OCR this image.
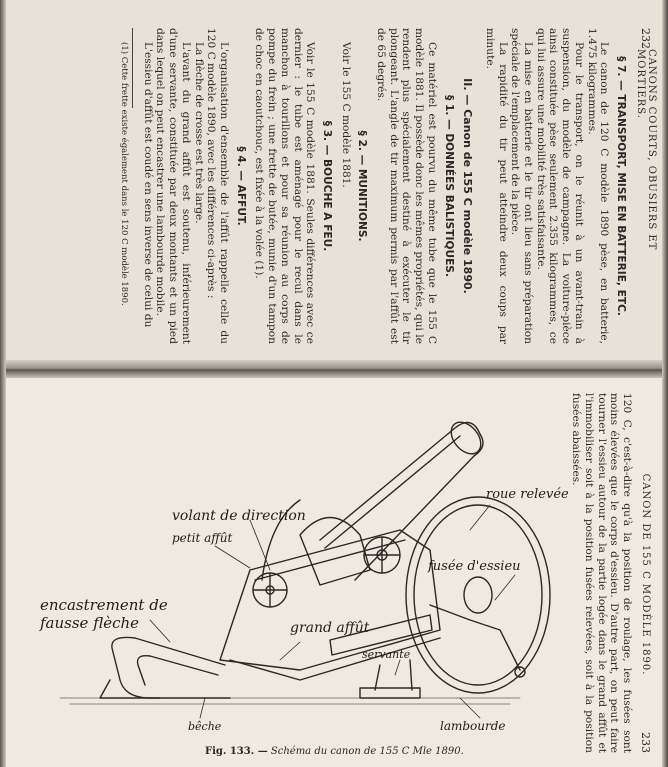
232
CANONS COURTS, OBUSIERS ET MORTIERS.
§ 7. — TRANSPORT, MISE EN BATTERIE, ETC.

Le canon de 120 C modèle 1890 pèse, en batterie, 1.475 kilogrammes.

Pour le transport, on le réunit à un avant-train à suspension, du modèle de campagne. La voiture-pièce ainsi constituée pèse seulement 2.355 kilogrammes, ce qui lui assure une mobilité très satisfaisante.

La mise en batterie et le tir ont lieu sans préparation spéciale de l'emplacement de la pièce.

La rapidité du tir peut atteindre deux coups par minute.

II. — Canon de 155 C modèle 1890.
§ 1. — DONNÉES BALISTIQUES.

Ce matériel est pourvu du même tube que le 155 C modèle 1881. Il possède donc les mêmes propriétés, qui le rendent plus spécialement destiné à exécuter le tir plongeant. L'angle de tir maximum permis par l'affût est de 65 degrés.

§ 2. — MUNITIONS.

Voir le 155 C modèle 1881.

§ 3. — BOUCHE A FEU.

Voir le 155 C modèle 1881. Seules différences avec ce dernier : le tube est aménagé pour le recul dans le manchon à tourillons et pour sa réunion au corps de pompe du frein ; une frette de butée, munie d'un tampon de choc en caoutchouc, est fixée à la volée (1).

§ 4. — AFFUT.

L'organisation d'ensemble de l'affût rappelle celle du 120 C modèle 1890, avec les différences ci-après :

La flèche de crosse est très large.

L'avant du grand affût est soutenu, inférieurement d'une servante, constituée par deux montants et un pied dans lequel on peut encastrer une lambourde mobile.

L'essieu d'affût est coudé en sens inverse de celui du

(1) Cette frette existe également dans le 120 C modèle 1890.

CANON DE 155 C MODÈLE 1890.
233

120 C, c'est-à-dire qu'à la position de roulage, les fusées sont moins élevées que le corps d'essieu. D'autre part, on peut faire tourner l'essieu autour de la partie logée dans le grand affût et l'immobiliser soit à la position fusées relevées, soit à la position fusées abaissées.

roue relevée
volant de direction
petit affût
fusée d'essieu
encastrement de
fausse flèche	grand affût
servante
bêche	lambourde
Fig. 133. — Schéma du canon de 155 C Mle 1890.
